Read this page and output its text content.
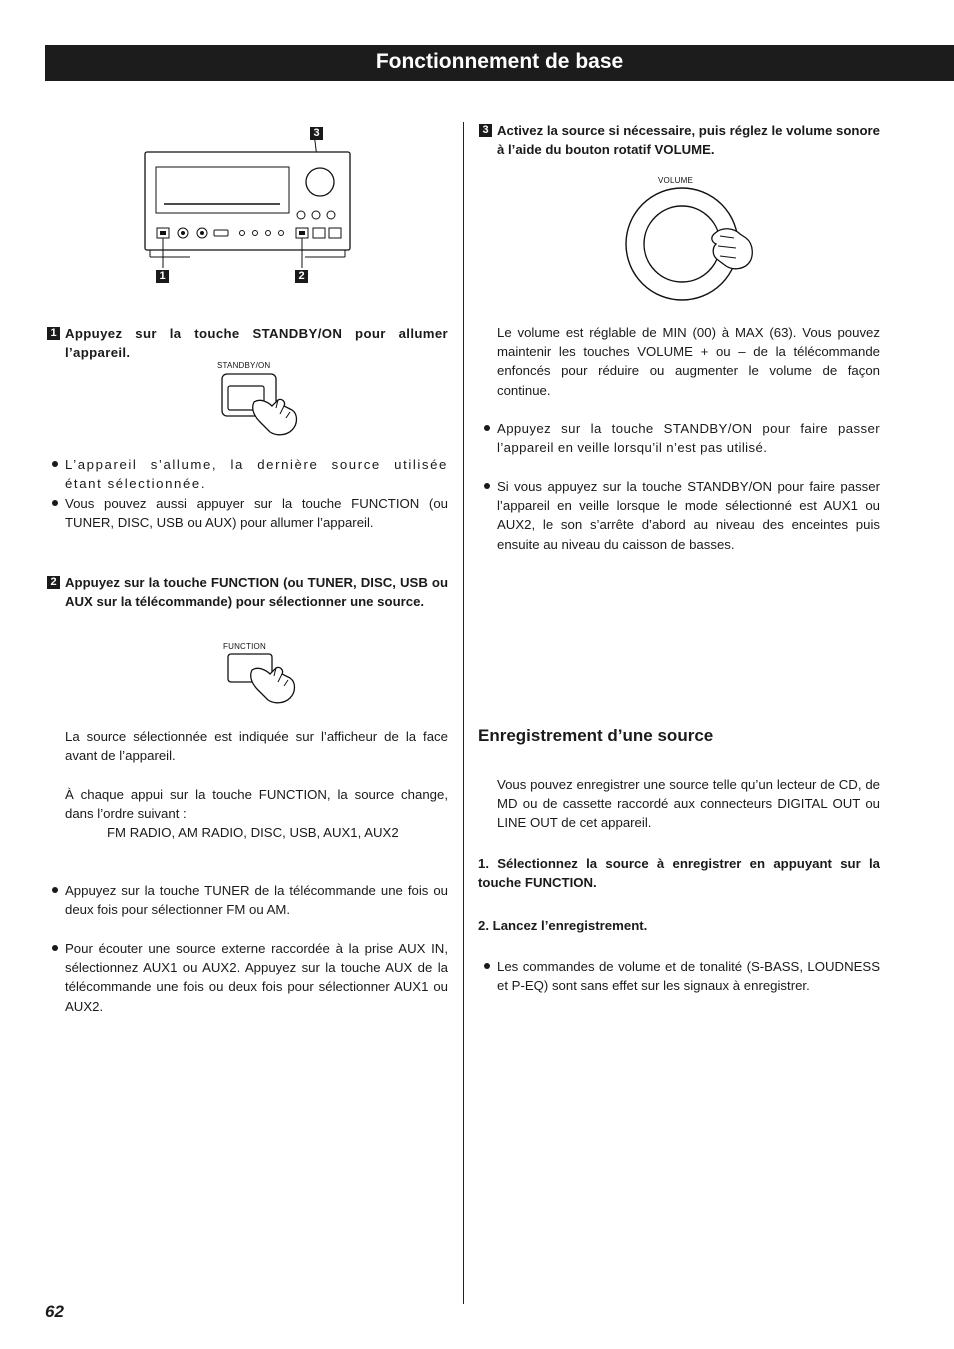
Fonctionnement de base
3
1	2
1 Appuyez sur la touche STANDBY/ON pour allumer l’appareil.

STANDBY/ON

L’appareil s’allume, la dernière source utilisée étant sélectionnée.

Vous pouvez aussi appuyer sur la touche FUNCTION (ou TUNER, DISC, USB ou AUX) pour allumer l’appareil.

2 Appuyez sur la touche FUNCTION (ou TUNER, DISC, USB ou AUX sur la télécommande) pour sélectionner une source.

FUNCTION

La source sélectionnée est indiquée sur l’afficheur de la face avant de l’appareil.

À chaque appui sur la touche FUNCTION, la source change, dans l’ordre suivant :

FM RADIO, AM RADIO, DISC, USB, AUX1, AUX2

Appuyez sur la touche TUNER de la télécommande une fois ou deux fois pour sélectionner FM ou AM.

Pour écouter une source externe raccordée à la prise AUX IN, sélectionnez AUX1 ou AUX2. Appuyez sur la touche AUX de la télécommande une fois ou deux fois pour sélectionner AUX1 ou AUX2.

3 Activez la source si nécessaire, puis réglez le volume sonore à l’aide du bouton rotatif VOLUME.

VOLUME

Le volume est réglable de MIN (00) à MAX (63). Vous pouvez maintenir les touches VOLUME + ou – de la télécommande enfoncés pour réduire ou augmenter le volume de façon continue.

Appuyez sur la touche STANDBY/ON pour faire passer l’appareil en veille lorsqu’il n’est pas utilisé.

Si vous appuyez sur la touche STANDBY/ON pour faire passer l’appareil en veille lorsque le mode sélectionné est AUX1 ou AUX2, le son s’arrête d’abord au niveau des enceintes puis ensuite au niveau du caisson de basses.

Enregistrement d’une source

Vous pouvez enregistrer une source telle qu’un lecteur de CD, de MD ou de cassette raccordé aux connecteurs DIGITAL OUT ou LINE OUT de cet appareil.

1. Sélectionnez la source à enregistrer en appuyant sur la touche FUNCTION.

2. Lancez l’enregistrement.

Les commandes de volume et de tonalité (S-BASS, LOUDNESS et P-EQ) sont sans effet sur les signaux à enregistrer.

62
